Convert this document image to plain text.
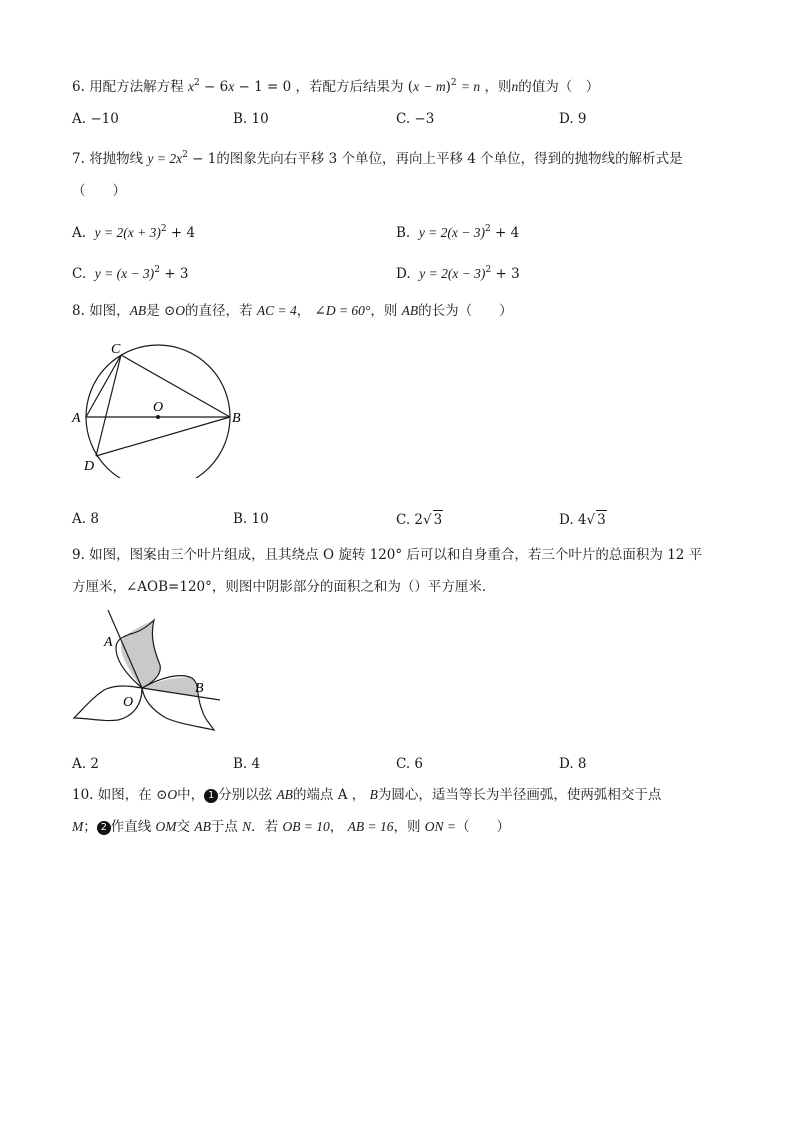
6. 用配方法解方程 $x^2 - 6x - 1 = 0$ ，若配方后结果为 $(x - m)^2 = n$ ，则n的值为（　）
A. −10	B. 10	C. −3	D. 9
7. 将抛物线 $y = 2x^2 - 1$的图象先向右平移 3 个单位，再向上平移 4 个单位，得到的抛物线的解析式是
（　　）
A. $y = 2(x + 3)^2 + 4$	B. $y = 2(x - 3)^2 + 4$
C. $y = (x - 3)^2 + 3$	D. $y = 2(x - 3)^2 + 3$
8. 如图，AB是 ⊙O的直径，若 AC = 4， ∠D = 60°，则 AB的长为（　　）
C
A	B
D
O
A. 8	B. 10	C. 2√ 3	D. 4√ 3
9. 如图，图案由三个叶片组成，且其绕点 O 旋转 120° 后可以和自身重合，若三个叶片的总面积为 12 平
方厘米，∠AOB=120°，则图中阴影部分的面积之和为（）平方厘米．
A
B
O
A. 2	B. 4	C. 6	D. 8
10. 如图，在 ⊙O中， 1 分别以弦 AB的端点 A ， B为圆心，适当等长为半径画弧，使两弧相交于点
M； 2 作直线 OM交 AB于点 N．若 OB = 10， AB = 16，则 ON =（　　）
